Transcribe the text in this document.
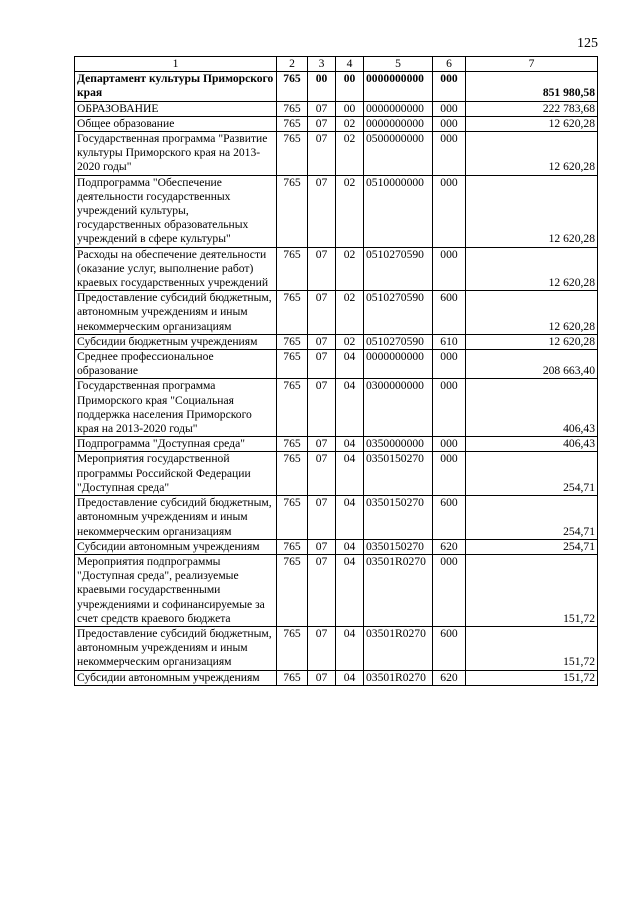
125
1	2	3	4	5	6	7
Департамент культуры Приморского края	765	00	00	0000000000	000	851 980,58
ОБРАЗОВАНИЕ	765	07	00	0000000000	000	222 783,68
Общее образование	765	07	02	0000000000	000	12 620,28
Государственная программа "Развитие культуры Приморского края на 2013-2020 годы"	765	07	02	0500000000	000	12 620,28
Подпрограмма "Обеспечение деятельности государственных учреждений культуры, государственных образовательных учреждений в сфере культуры"	765	07	02	0510000000	000	12 620,28
Расходы на обеспечение деятельности (оказание услуг, выполнение работ) краевых государственных учреждений	765	07	02	0510270590	000	12 620,28
Предоставление субсидий бюджетным, автономным учреждениям и иным некоммерческим организациям	765	07	02	0510270590	600	12 620,28
Субсидии бюджетным учреждениям	765	07	02	0510270590	610	12 620,28
Среднее профессиональное образование	765	07	04	0000000000	000	208 663,40
Государственная программа Приморского края "Социальная поддержка населения Приморского края на 2013-2020 годы"	765	07	04	0300000000	000	406,43
Подпрограмма "Доступная среда"	765	07	04	0350000000	000	406,43
Мероприятия государственной программы Российской Федерации "Доступная среда"	765	07	04	0350150270	000	254,71
Предоставление субсидий бюджетным, автономным учреждениям и иным некоммерческим организациям	765	07	04	0350150270	600	254,71
Субсидии автономным учреждениям	765	07	04	0350150270	620	254,71
Мероприятия подпрограммы "Доступная среда", реализуемые краевыми государственными учреждениями и софинансируемые за счет средств краевого бюджета	765	07	04	03501R0270	000	151,72
Предоставление субсидий бюджетным, автономным учреждениям и иным некоммерческим организациям	765	07	04	03501R0270	600	151,72
Субсидии автономным учреждениям	765	07	04	03501R0270	620	151,72
